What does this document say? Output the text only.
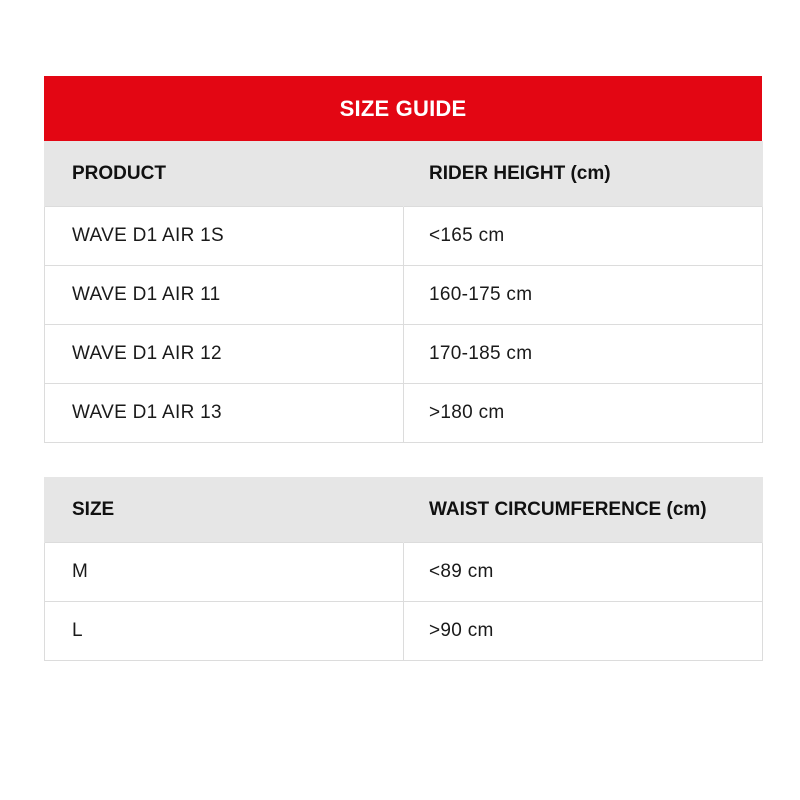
SIZE GUIDE
PRODUCT	RIDER HEIGHT (cm)
WAVE D1 AIR 1S	<165 cm
WAVE D1 AIR 11	160-175 cm
WAVE D1 AIR 12	170-185 cm
WAVE D1 AIR 13	>180 cm
SIZE	WAIST CIRCUMFERENCE (cm)
M	<89 cm
L	>90 cm
